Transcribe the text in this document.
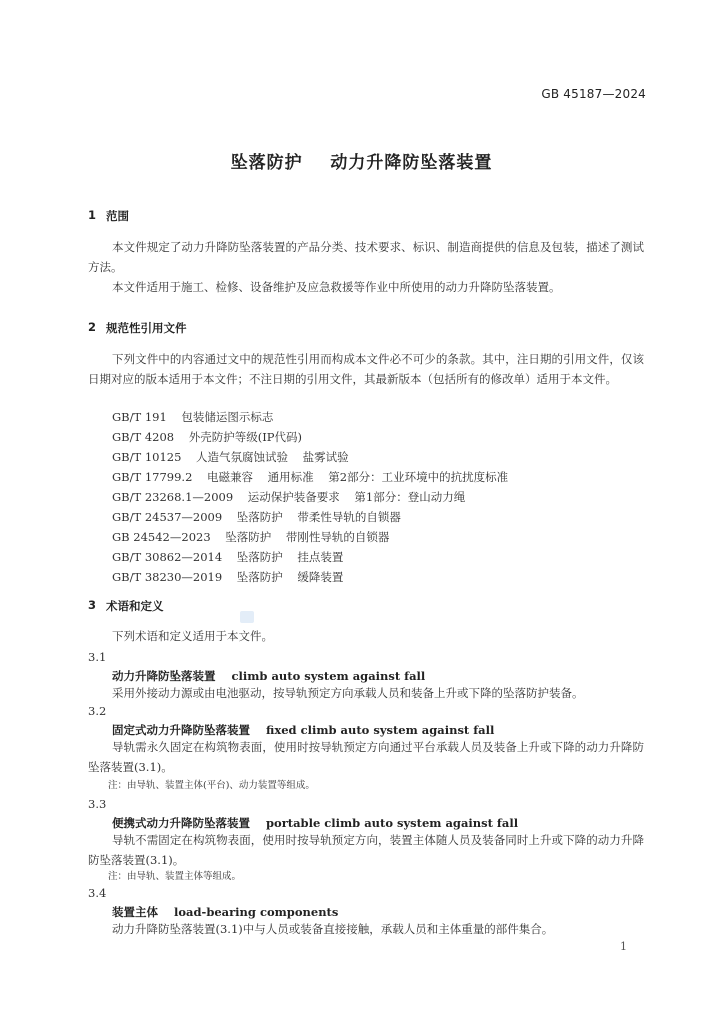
GB 45187—2024
坠落防护    动力升降防坠落装置
1 范围
本文件规定了动力升降防坠落装置的产品分类、技术要求、标识、制造商提供的信息及包装，描述了测试方法。
本文件适用于施工、检修、设备维护及应急救援等作业中所使用的动力升降防坠落装置。
2 规范性引用文件
下列文件中的内容通过文中的规范性引用而构成本文件必不可少的条款。其中，注日期的引用文件，仅该日期对应的版本适用于本文件；不注日期的引用文件，其最新版本（包括所有的修改单）适用于本文件。
GB/T 191    包装储运图示标志
GB/T 4208    外壳防护等级(IP代码)
GB/T 10125    人造气氛腐蚀试验    盐雾试验
GB/T 17799.2    电磁兼容    通用标准    第2部分：工业环境中的抗扰度标准
GB/T 23268.1—2009    运动保护装备要求    第1部分：登山动力绳
GB/T 24537—2009    坠落防护    带柔性导轨的自锁器
GB 24542—2023    坠落防护    带刚性导轨的自锁器
GB/T 30862—2014    坠落防护    挂点装置
GB/T 38230—2019    坠落防护    缓降装置
3 术语和定义
下列术语和定义适用于本文件。
3.1
动力升降防坠落装置    climb auto system against fall
采用外接动力源或由电池驱动，按导轨预定方向承载人员和装备上升或下降的坠落防护装备。
3.2
固定式动力升降防坠落装置    fixed climb auto system against fall
导轨需永久固定在构筑物表面，使用时按导轨预定方向通过平台承载人员及装备上升或下降的动力升降防坠落装置(3.1)。
注：由导轨、装置主体(平台)、动力装置等组成。
3.3
便携式动力升降防坠落装置    portable climb auto system against fall
导轨不需固定在构筑物表面，使用时按导轨预定方向，装置主体随人员及装备同时上升或下降的动力升降防坠落装置(3.1)。
注：由导轨、装置主体等组成。
3.4
装置主体    load-bearing components
动力升降防坠落装置(3.1)中与人员或装备直接接触，承载人员和主体重量的部件集合。
1
